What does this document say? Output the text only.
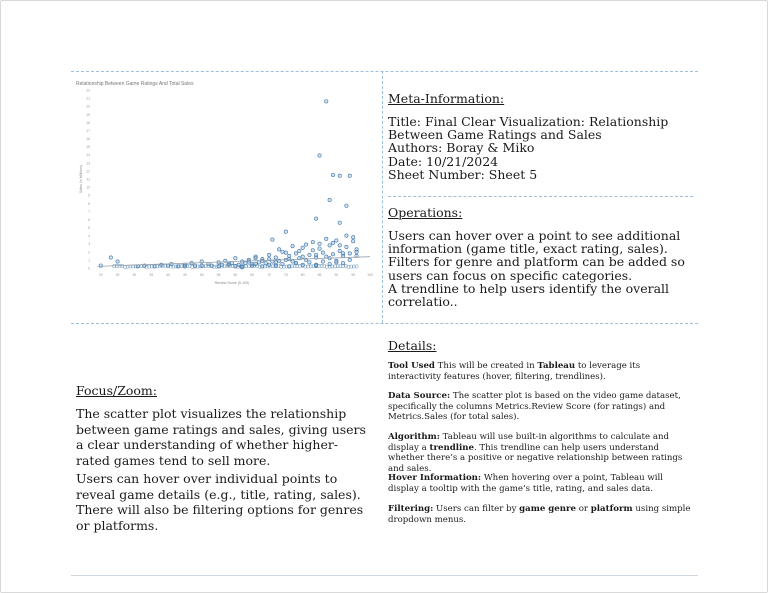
Relationship Between Game Ratings And Total Sales
0
1
2
3
4
5
6
7
8
9
10
11
12
13
14
15
16
17
18
19
20
21
22
20	25	30	35	40	45	50	55	60	65	70	75	80	85	90	95	100
Review Score (0-100)
Sales (in Millions)
Meta-Information:
Title: Final Clear Visualization: Relationship Between Game Ratings and Sales
Authors: Boray & Miko
Date: 10/21/2024
Sheet Number: Sheet 5
Operations:
Users can hover over a point to see additional information (game title, exact rating, sales).
Filters for genre and platform can be added so users can focus on specific categories.
A trendline to help users identify the overall correlatio..
Focus/Zoom:

The scatter plot visualizes the relationship between game ratings and sales, giving users a clear understanding of whether higher-rated games tend to sell more.

Users can hover over individual points to reveal game details (e.g., title, rating, sales). There will also be filtering options for genres or platforms.

Details:

Tool Used This will be created in Tableau to leverage its interactivity features (hover, filtering, trendlines).

Data Source: The scatter plot is based on the video game dataset, specifically the columns Metrics.Review Score (for ratings) and Metrics.Sales (for total sales).

Algorithm: Tableau will use built-in algorithms to calculate and display a trendline. This trendline can help users understand whether there’s a positive or negative relationship between ratings and sales.

Hover Information: When hovering over a point, Tableau will display a tooltip with the game’s title, rating, and sales data.

Filtering: Users can filter by game genre or platform using simple dropdown menus.
